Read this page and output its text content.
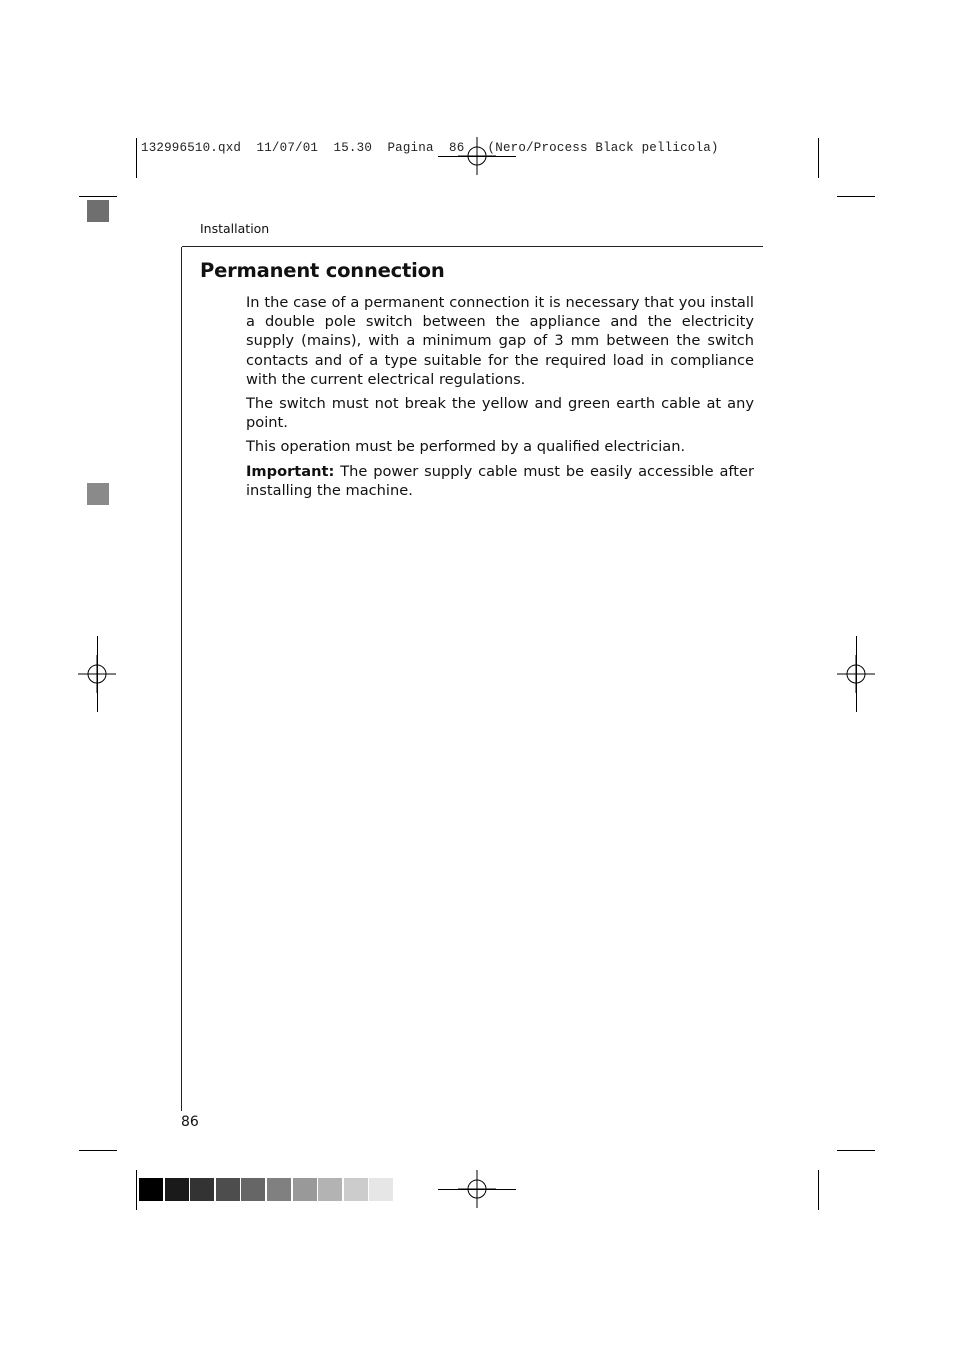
132996510.qxd  11/07/01  15.30  Pagina  86   (Nero/Process Black pellicola)
Installation
Permanent connection

In the case of a permanent connection it is necessary that you install a double pole switch between the appliance and the electricity supply (mains), with a minimum gap of 3 mm between the switch contacts and of a type suitable for the required load in compliance with the current electrical regulations.

The switch must not break the yellow and green earth cable at any point.

This operation must be performed by a qualified electrician.

Important: The power supply cable must be easily accessible after installing the machine.

86
